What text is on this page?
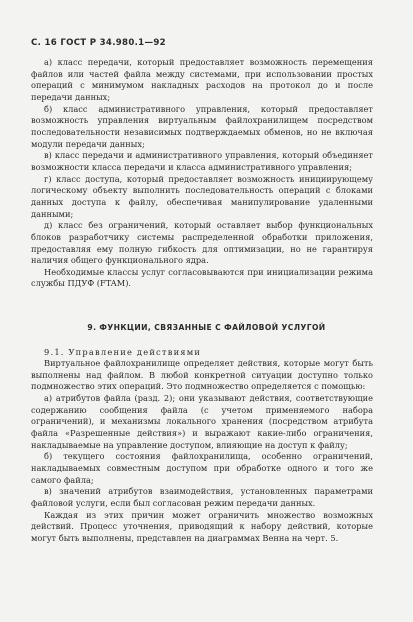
С. 16 ГОСТ Р 34.980.1—92

а) класс передачи, который предоставляет возможность перемещения файлов или частей файла между системами, при использовании простых операций с минимумом накладных расходов на протокол до и после передачи данных;

б) класс административного управления, который предоставляет возможность управления виртуальным файлохранилищем посредством последовательности независимых подтверждаемых обменов, но не включая модули передачи данных;

в) класс передачи и административного управления, который объединяет возможности класса передачи и класса административного управления;

г) класс доступа, который предоставляет возможность инициирующему логическому объекту выполнить последовательность операций с блоками данных доступа к файлу, обеспечивая манипулирование удаленными данными;

д) класс без ограничений, который оставляет выбор функциональных блоков разработчику системы распределенной обработки приложения, предоставляя ему полную гибкость для оптимизации, но не гарантируя наличия общего функционального ядра.

Необходимые классы услуг согласовываются при инициализации режима службы ПДУФ (FTAM).

9. ФУНКЦИИ, СВЯЗАННЫЕ С ФАЙЛОВОЙ УСЛУГОЙ
9.1. Управление действиями

Виртуальное файлохранилище определяет действия, которые могут быть выполнены над файлом. В любой конкретной ситуации доступно только подмножество этих операций. Это подмножество определяется с помощью:

а) атрибутов файла (разд. 2); они указывают действия, соответствующие содержанию сообщения файла (с учетом применяемого набора ограничений), и механизмы локального хранения (посредством атрибута файла «Разрешенные действия») и выражают какие-либо ограничения, накладываемые на управление доступом, влияющие на доступ к файлу;

б) текущего состояния файлохранилища, особенно ограничений, накладываемых совместным доступом при обработке одного и того же самого файла;

в) значений атрибутов взаимодействия, установленных параметрами файловой услуги, если был согласован режим передачи данных.

Каждая из этих причин может ограничить множество возможных действий. Процесс уточнения, приводящий к набору действий, которые могут быть выполнены, представлен на диаграммах Венна на черт. 5.
